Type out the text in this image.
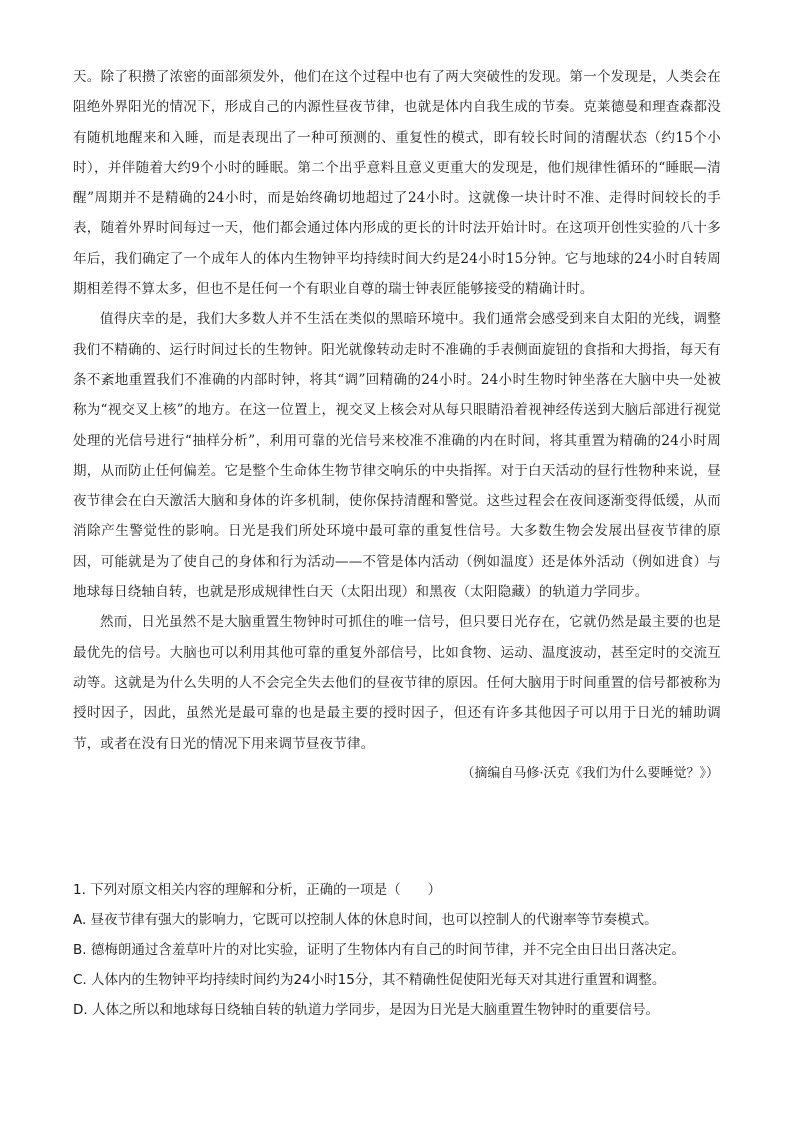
天。除了积攒了浓密的面部须发外，他们在这个过程中也有了两大突破性的发现。第一个发现是，人类会在阻绝外界阳光的情况下，形成自己的内源性昼夜节律，也就是体内自我生成的节奏。克莱德曼和理查森都没有随机地醒来和入睡，而是表现出了一种可预测的、重复性的模式，即有较长时间的清醒状态（约15个小时），并伴随着大约9个小时的睡眠。第二个出乎意料且意义更重大的发现是，他们规律性循环的“睡眠—清醒”周期并不是精确的24小时，而是始终确切地超过了24小时。这就像一块计时不准、走得时间较长的手表，随着外界时间每过一天，他们都会通过体内形成的更长的计时法开始计时。在这项开创性实验的八十多年后，我们确定了一个成年人的体内生物钟平均持续时间大约是24小时15分钟。它与地球的24小时自转周期相差得不算太多，但也不是任何一个有职业自尊的瑞士钟表匠能够接受的精确计时。

值得庆幸的是，我们大多数人并不生活在类似的黑暗环境中。我们通常会感受到来自太阳的光线，调整我们不精确的、运行时间过长的生物钟。阳光就像转动走时不准确的手表侧面旋钮的食指和大拇指，每天有条不紊地重置我们不准确的内部时钟，将其“调”回精确的24小时。24小时生物时钟坐落在大脑中央一处被称为“视交叉上核”的地方。在这一位置上，视交叉上核会对从每只眼睛沿着视神经传送到大脑后部进行视觉处理的光信号进行“抽样分析”，利用可靠的光信号来校准不准确的内在时间，将其重置为精确的24小时周期，从而防止任何偏差。它是整个生命体生物节律交响乐的中央指挥。对于白天活动的昼行性物种来说，昼夜节律会在白天激活大脑和身体的许多机制，使你保持清醒和警觉。这些过程会在夜间逐渐变得低缓，从而消除产生警觉性的影响。日光是我们所处环境中最可靠的重复性信号。大多数生物会发展出昼夜节律的原因，可能就是为了使自己的身体和行为活动——不管是体内活动（例如温度）还是体外活动（例如进食）与地球每日绕轴自转，也就是形成规律性白天（太阳出现）和黑夜（太阳隐藏）的轨道力学同步。

然而，日光虽然不是大脑重置生物钟时可抓住的唯一信号，但只要日光存在，它就仍然是最主要的也是最优先的信号。大脑也可以利用其他可靠的重复外部信号，比如食物、运动、温度波动，甚至定时的交流互动等。这就是为什么失明的人不会完全失去他们的昼夜节律的原因。任何大脑用于时间重置的信号都被称为授时因子，因此，虽然光是最可靠的也是最主要的授时因子，但还有许多其他因子可以用于日光的辅助调节，或者在没有日光的情况下用来调节昼夜节律。

（摘编自马修·沃克《我们为什么要睡觉？》）

1. 下列对原文相关内容的理解和分析，正确的一项是（　　）

A. 昼夜节律有强大的影响力，它既可以控制人体的休息时间，也可以控制人的代谢率等节奏模式。

B. 德梅朗通过含羞草叶片的对比实验，证明了生物体内有自己的时间节律，并不完全由日出日落决定。

C. 人体内的生物钟平均持续时间约为24小时15分，其不精确性促使阳光每天对其进行重置和调整。

D. 人体之所以和地球每日绕轴自转的轨道力学同步，是因为日光是大脑重置生物钟时的重要信号。
